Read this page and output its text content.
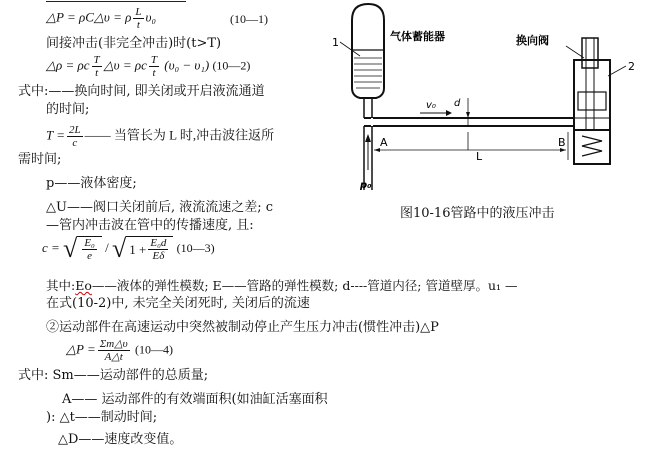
△P = ρC△υ = ρ $\frac{L}{t} \upsilon_0$	(10—1)
间接冲击(非完全冲击)时(t>T)
△ρ = ρc $\frac{T}{t}$ △υ = ρc $\frac{T}{t} (\upsilon_0 - \upsilon_1)$ (10—2)
式中:——换向时间, 即关闭或开启液流通道
的时间;
$T = \frac{2L}{c}$ —— 当管长为 L 时,冲击波往返所
需时间;
p——液体密度;
△U——阀口关闭前后, 液流流速之差; c
—管内冲击波在管中的传播速度, 且:
c = √ $\frac{\text{E₀}}{e}$ / √ $1 + \frac{\text{E₀d}}{E\delta}$ (10—3)
其中:Eo——液体的弹性模数; E——管路的弹性模数; d----管道内径; 管道壁厚。u₁ —
在式(10-2)中, 未完全关闭死时, 关闭后的流速
②运动部件在高速运动中突然被制动停止产生压力冲击(惯性冲击)△P
△P = $\frac{\Sigma m\triangle\upsilon}{A\triangle t}$ (10—4)
式中: Sm——运动部件的总质量;
A—— 运动部件的有效端面积(如油缸活塞面积
): △t——制动时间;
△D——速度改变值。
1	气体蓄能器
v₀ d
A	B
L
p₀
2
换向阀
图10-16管路中的液压冲击
